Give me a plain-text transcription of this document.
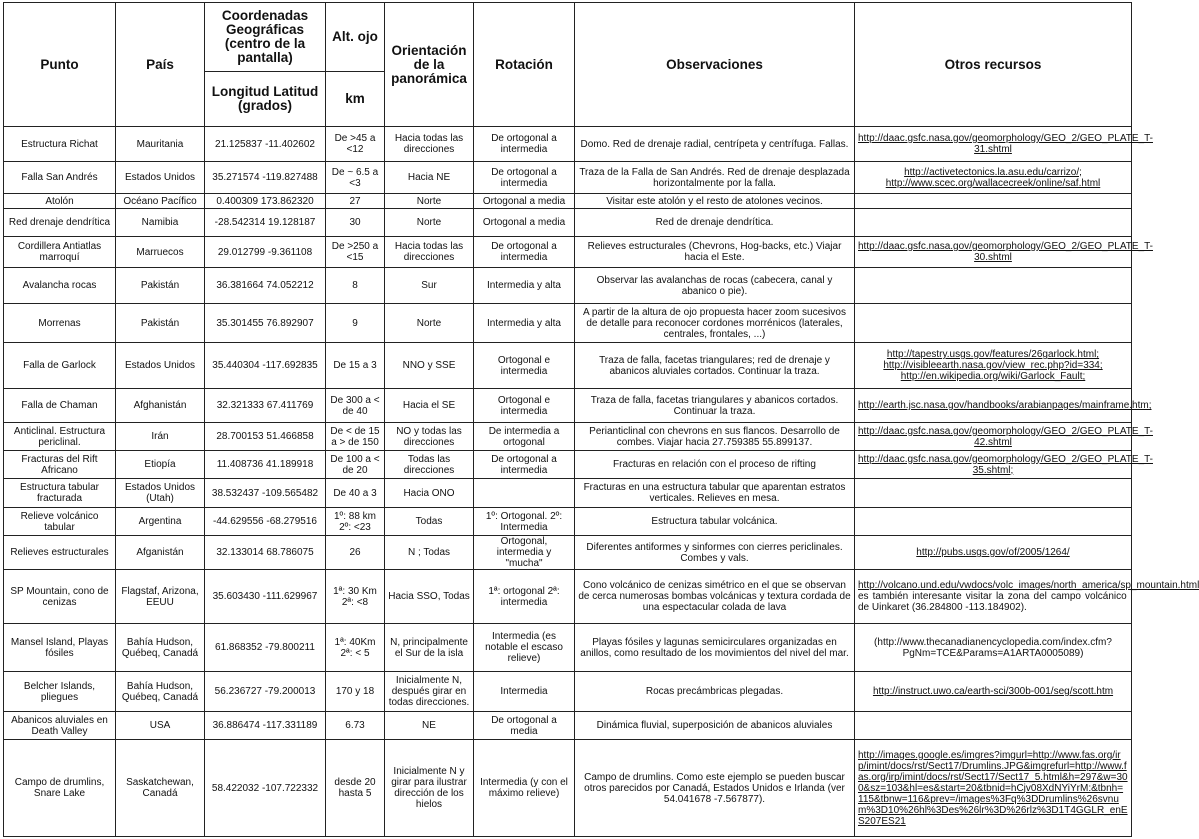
Punto	País	Coordenadas Geográficas (centro de la pantalla)	Alt. ojo	Orientación de la panorámica	Rotación	Observaciones	Otros recursos
		Longitud Latitud (grados)	km				
Estructura Richat	Mauritania	21.125837 -11.402602	De >45 a <12	Hacia todas las direcciones	De ortogonal a intermedia	Domo. Red de drenaje radial, centrípeta y centrífuga. Fallas.	http://daac.gsfc.nasa.gov/geomorphology/GEO_2/GEO_PLATE_T-31.shtml
Falla San Andrés	Estados Unidos	35.271574 -119.827488	De ~ 6.5 a <3	Hacia NE	De ortogonal a intermedia	Traza de la Falla de San Andrés. Red de drenaje desplazada horizontalmente por la falla.	http://activetectonics.la.asu.edu/carrizo/; http://www.scec.org/wallacecreek/online/saf.html
Atolón	Océano Pacífico	0.400309 173.862320	27	Norte	Ortogonal a media	Visitar este atolón y el resto de atolones vecinos.	
Red drenaje dendrítica	Namibia	-28.542314 19.128187	30	Norte	Ortogonal a media	Red de drenaje dendrítica.	
Cordillera Antiatlas marroquí	Marruecos	29.012799 -9.361108	De >250 a <15	Hacia todas las direcciones	De ortogonal a intermedia	Relieves estructurales (Chevrons, Hog-backs, etc.) Viajar hacia el Este.	http://daac.gsfc.nasa.gov/geomorphology/GEO_2/GEO_PLATE_T-30.shtml
Avalancha rocas	Pakistán	36.381664 74.052212	8	Sur	Intermedia y alta	Observar las avalanchas de rocas (cabecera, canal y abanico o pie).	
Morrenas	Pakistán	35.301455 76.892907	9	Norte	Intermedia y alta	A partir de la altura de ojo propuesta hacer zoom sucesivos de detalle para reconocer cordones morrénicos (laterales, centrales, frontales, ...)	
Falla de Garlock	Estados Unidos	35.440304 -117.692835	De 15 a 3	NNO y SSE	Ortogonal e intermedia	Traza de falla, facetas triangulares; red de drenaje y abanicos aluviales cortados. Continuar la traza.	http://tapestry.usgs.gov/features/26garlock.html; http://visibleearth.nasa.gov/view_rec.php?id=334; http://en.wikipedia.org/wiki/Garlock_Fault;
Falla de Chaman	Afghanistán	32.321333 67.411769	De 300 a < de 40	Hacia el SE	Ortogonal e intermedia	Traza de falla, facetas triangulares y abanicos cortados. Continuar la traza.	http://earth.jsc.nasa.gov/handbooks/arabianpages/mainframe.htm;
Anticlinal. Estructura periclinal.	Irán	28.700153 51.466858	De < de 15 a > de 150	NO y todas las direcciones	De intermedia a ortogonal	Perianticlinal con chevrons en sus flancos. Desarrollo de combes. Viajar hacia 27.759385 55.899137.	http://daac.gsfc.nasa.gov/geomorphology/GEO_2/GEO_PLATE_T-42.shtml
Fracturas del Rift Africano	Etiopía	11.408736 41.189918	De 100 a < de 20	Todas las direcciones	De ortogonal a intermedia	Fracturas en relación con el proceso de rifting	http://daac.gsfc.nasa.gov/geomorphology/GEO_2/GEO_PLATE_T-35.shtml;
Estructura tabular fracturada	Estados Unidos (Utah)	38.532437 -109.565482	De 40 a 3	Hacia ONO		Fracturas en una estructura tabular que aparentan estratos verticales. Relieves en mesa.	
Relieve volcánico tabular	Argentina	-44.629556 -68.279516	1º: 88 km 2º: <23	Todas	1º: Ortogonal. 2º: Intermedia	Estructura tabular volcánica.	
Relieves estructurales	Afganistán	32.133014 68.786075	26	N ; Todas	Ortogonal, intermedia y "mucha"	Diferentes antiformes y sinformes con cierres periclinales. Combes y vals.	http://pubs.usgs.gov/of/2005/1264/
SP Mountain, cono de cenizas	Flagstaf, Arizona, EEUU	35.603430 -111.629967	1ª: 30 Km 2ª: <8	Hacia SSO, Todas	1ª: ortogonal 2ª: intermedia	Cono volcánico de cenizas simétrico en el que se observan de cerca numerosas bombas volcánicas y textura cordada de una espectacular colada de lava	http://volcano.und.edu/vwdocs/volc_images/north_america/sp_mountain.html es también interesante visitar la zona del campo volcánico de Uinkaret (36.284800 -113.184902).
Mansel Island, Playas fósiles	Bahía Hudson, Québeq, Canadá	61.868352 -79.800211	1ª: 40Km 2ª: < 5	N, principalmente el Sur de la isla	Intermedia (es notable el escaso relieve)	Playas fósiles y lagunas semicirculares organizadas en anillos, como resultado de los movimientos del nivel del mar.	(http://www.thecanadianencyclopedia.com/index.cfm?PgNm=TCE&Params=A1ARTA0005089)
Belcher Islands, pliegues	Bahía Hudson, Québeq, Canadá	56.236727 -79.200013	170 y 18	Inicialmente N, después girar en todas direcciones.	Intermedia	Rocas precámbricas plegadas.	http://instruct.uwo.ca/earth-sci/300b-001/seg/scott.htm
Abanicos aluviales en Death Valley	USA	36.886474 -117.331189	6.73	NE	De ortogonal a media	Dinámica fluvial, superposición de abanicos aluviales	
Campo de drumlins, Snare Lake	Saskatchewan, Canadá	58.422032 -107.722332	desde 20 hasta 5	Inicialmente N y girar para ilustrar dirección de los hielos	Intermedia (y con el máximo relieve)	Campo de drumlins. Como este ejemplo se pueden buscar otros parecidos por Canadá, Estados Unidos e Irlanda (ver 54.041678 -7.567877).	http://images.google.es/imgres?imgurl=http://www.fas.org/irp/imint/docs/rst/Sect17/Drumlins.JPG&imgrefurl=http://www.fas.org/irp/imint/docs/rst/Sect17/Sect17_5.html&h=297&w=300&sz=103&hl=es&start=20&tbnid=hCjv08XdNYiYrM:&tbnh=115&tbnw=116&prev=/images%3Fq%3DDrumlins%26svnum%3D10%26hl%3Des%26lr%3D%26rlz%3D1T4GGLR_enES207ES21
